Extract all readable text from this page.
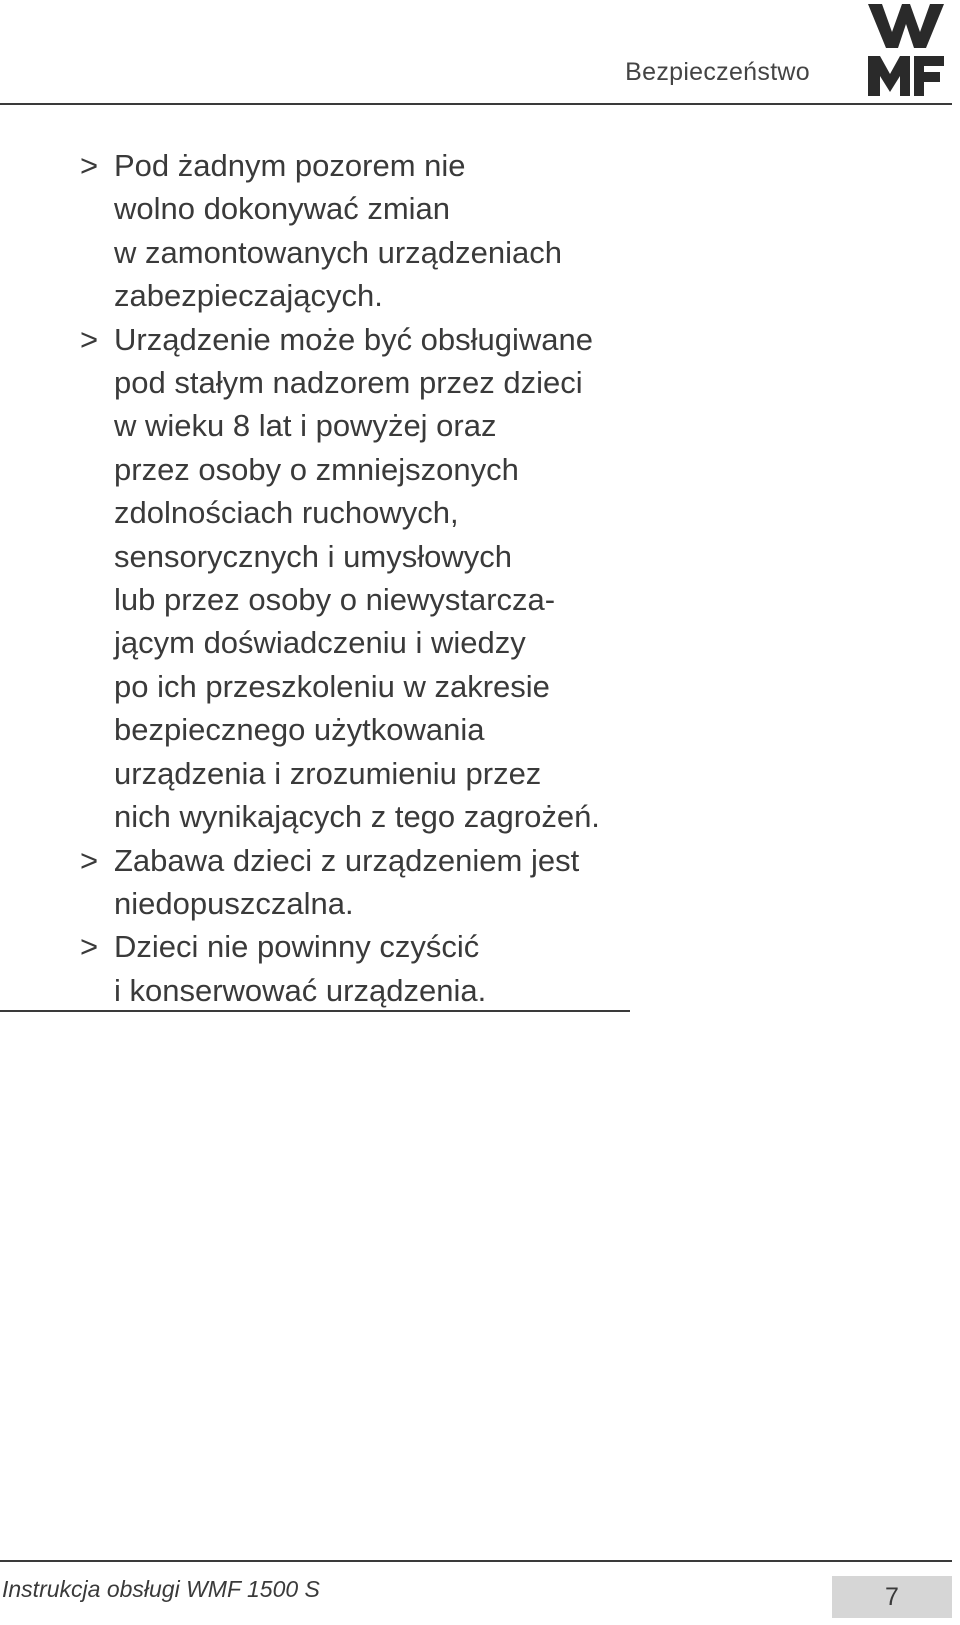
Bezpieczeństwo
> Pod żadnym pozorem nie
wolno dokonywać zmian
w zamontowanych urządzeniach
zabezpieczających.
> Urządzenie może być obsługiwane
pod stałym nadzorem przez dzieci
w wieku 8 lat i powyżej oraz
przez osoby o zmniejszonych
zdolnościach ruchowych,
sensorycznych i umysłowych
lub przez osoby o niewystarcza-
jącym doświadczeniu i wiedzy
po ich przeszkoleniu w zakresie
bezpiecznego użytkowania
urządzenia i zrozumieniu przez
nich wynikających z tego zagrożeń.
> Zabawa dzieci z urządzeniem jest
niedopuszczalna.
> Dzieci nie powinny czyścić
i konserwować urządzenia.
Instrukcja obsługi WMF 1500 S	7
